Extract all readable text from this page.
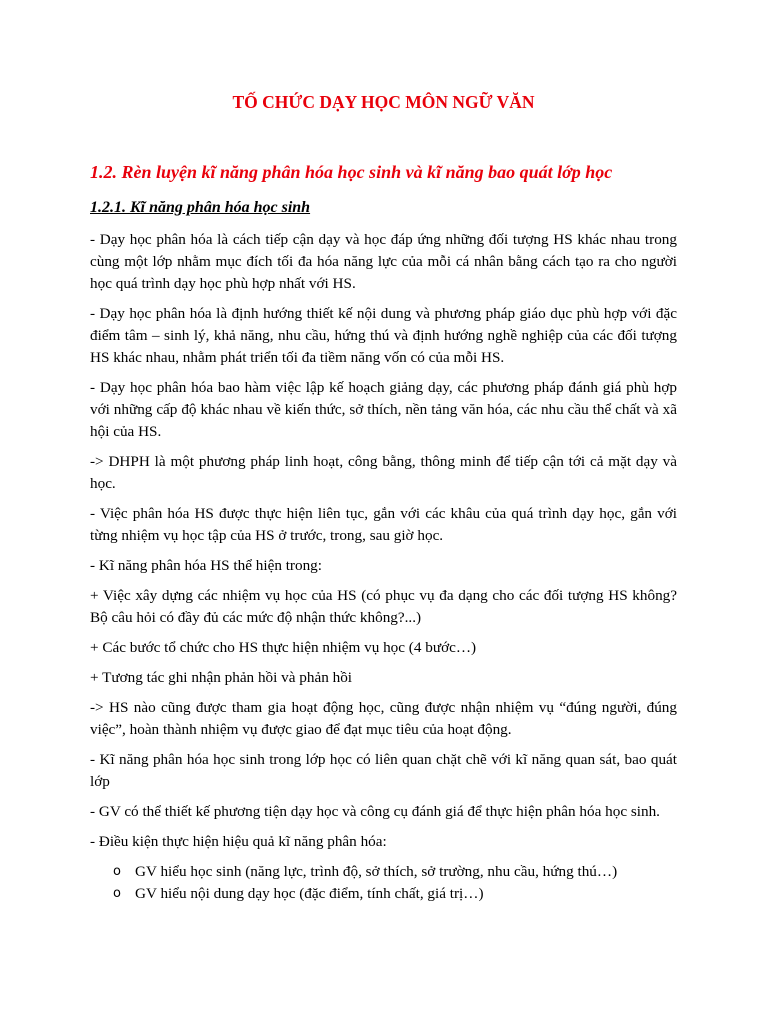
TỐ CHỨC DẠY HỌC MÔN NGỮ VĂN
1.2. Rèn luyện kĩ năng phân hóa học sinh và kĩ năng bao quát lớp học
1.2.1. Kĩ năng phân hóa học sinh

- Dạy học phân hóa là cách tiếp cận dạy và học đáp ứng những đối tượng HS khác nhau trong cùng một lớp nhằm mục đích tối đa hóa năng lực của mỗi cá nhân bằng cách tạo ra cho người học quá trình dạy học phù hợp nhất với HS.

- Dạy học phân hóa là định hướng thiết kế nội dung và phương pháp giáo dục phù hợp với đặc điểm tâm – sinh lý, khả năng, nhu cầu, hứng thú và định hướng nghề nghiệp của các đối tượng HS khác nhau, nhằm phát triển tối đa tiềm năng vốn có của mỗi HS.

- Dạy học phân hóa bao hàm việc lập kế hoạch giảng dạy, các phương pháp đánh giá phù hợp với những cấp độ khác nhau về kiến thức, sở thích, nền tảng văn hóa, các nhu cầu thể chất và xã hội của HS.

-> DHPH là một phương pháp linh hoạt, công bằng, thông minh để tiếp cận tới cả mặt dạy và học.

- Việc phân hóa HS được thực hiện liên tục, gắn với các khâu của quá trình dạy học, gắn với từng nhiệm vụ học tập của HS ở trước, trong, sau giờ học.

- Kĩ năng phân hóa HS thể hiện trong:

+ Việc xây dựng các nhiệm vụ học của HS (có phục vụ đa dạng cho các đối tượng HS không? Bộ câu hỏi có đầy đủ các mức độ nhận thức không?...)

+ Các bước tổ chức cho HS thực hiện nhiệm vụ học (4 bước…)

+ Tương tác ghi nhận phản hồi và phản hồi

-> HS nào cũng được tham gia hoạt động học, cũng được nhận nhiệm vụ “đúng người, đúng việc”, hoàn thành nhiệm vụ được giao để đạt mục tiêu của hoạt động.

- Kĩ năng phân hóa học sinh trong lớp học có liên quan chặt chẽ với kĩ năng quan sát, bao quát lớp

- GV có thể thiết kế phương tiện dạy học và công cụ đánh giá để thực hiện phân hóa học sinh.

- Điều kiện thực hiện hiệu quả kĩ năng phân hóa:

o GV hiểu học sinh (năng lực, trình độ, sở thích, sở trường, nhu cầu, hứng thú…)
o GV hiểu nội dung dạy học (đặc điểm, tính chất, giá trị…)
